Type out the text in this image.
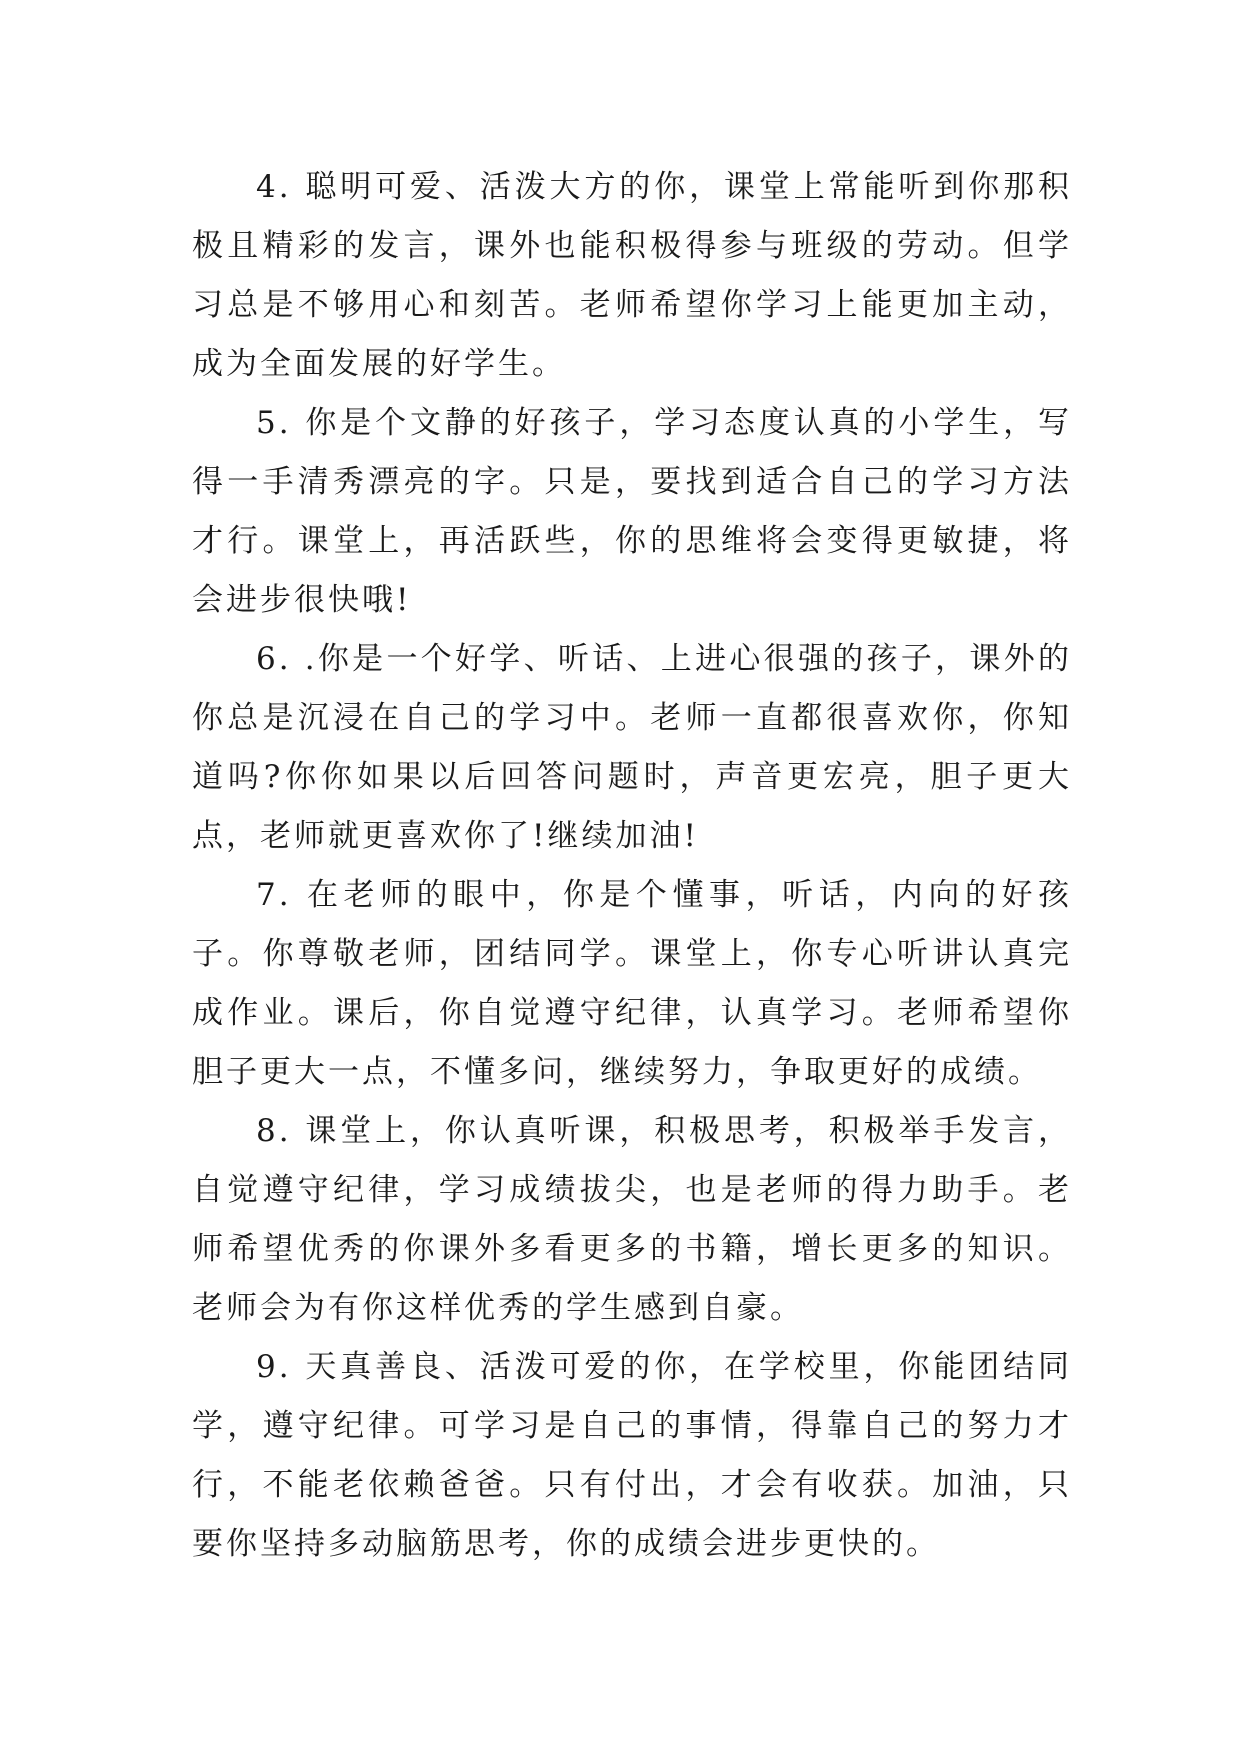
4. 聪明可爱、活泼大方的你，课堂上常能听到你那积极且精彩的发言，课外也能积极得参与班级的劳动。但学习总是不够用心和刻苦。老师希望你学习上能更加主动，成为全面发展的好学生。

5. 你是个文静的好孩子，学习态度认真的小学生，写得一手清秀漂亮的字。只是，要找到适合自己的学习方法才行。课堂上，再活跃些，你的思维将会变得更敏捷，将会进步很快哦!

6. .你是一个好学、听话、上进心很强的孩子，课外的你总是沉浸在自己的学习中。老师一直都很喜欢你，你知道吗?你你如果以后回答问题时，声音更宏亮，胆子更大点，老师就更喜欢你了!继续加油!

7. 在老师的眼中，你是个懂事，听话，内向的好孩子。你尊敬老师，团结同学。课堂上，你专心听讲认真完成作业。课后，你自觉遵守纪律，认真学习。老师希望你胆子更大一点，不懂多问，继续努力，争取更好的成绩。

8. 课堂上，你认真听课，积极思考，积极举手发言，自觉遵守纪律，学习成绩拔尖，也是老师的得力助手。老师希望优秀的你课外多看更多的书籍，增长更多的知识。老师会为有你这样优秀的学生感到自豪。

9. 天真善良、活泼可爱的你，在学校里，你能团结同学，遵守纪律。可学习是自己的事情，得靠自己的努力才行，不能老依赖爸爸。只有付出，才会有收获。加油，只要你坚持多动脑筋思考，你的成绩会进步更快的。
